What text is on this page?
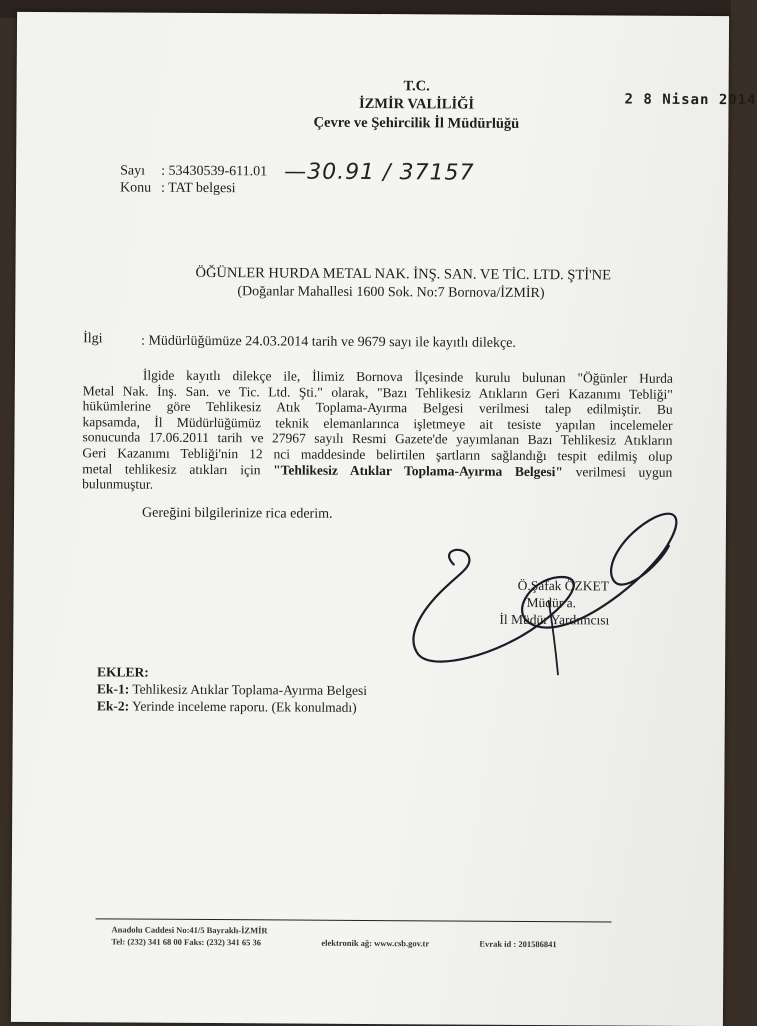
T.C.
İZMİR VALİLİĞİ
Çevre ve Şehircilik İl Müdürlüğü
2 8 Nisan 2014
Sayı : 53430539-611.01 —30.91 / 37157
Konu : TAT belgesi
ÖĞÜNLER HURDA METAL NAK. İNŞ. SAN. VE TİC. LTD. ŞTİ'NE
(Doğanlar Mahallesi 1600 Sok. No:7 Bornova/İZMİR)
İlgi	: Müdürlüğümüze 24.03.2014 tarih ve 9679 sayı ile kayıtlı dilekçe.
İlgide kayıtlı dilekçe ile, İlimiz Bornova İlçesinde kurulu bulunan "Öğünler Hurda
Metal Nak. İnş. San. ve Tic. Ltd. Şti." olarak, "Bazı Tehlikesiz Atıkların Geri Kazanımı Tebliği"
hükümlerine göre Tehlikesiz Atık Toplama-Ayırma Belgesi verilmesi talep edilmiştir. Bu
kapsamda, İl Müdürlüğümüz teknik elemanlarınca işletmeye ait tesiste yapılan incelemeler
sonucunda 17.06.2011 tarih ve 27967 sayılı Resmi Gazete'de yayımlanan Bazı Tehlikesiz Atıkların
Geri Kazanımı Tebliği'nin 12 nci maddesinde belirtilen şartların sağlandığı tespit edilmiş olup
metal tehlikesiz atıkları için "Tehlikesiz Atıklar Toplama-Ayırma Belgesi" verilmesi uygun
bulunmuştur.
Gereğini bilgilerinize rica ederim.
Ö.Şafak ÖZKET
Müdür a.
İl Müdür Yardımcısı
EKLER:
Ek-1: Tehlikesiz Atıklar Toplama-Ayırma Belgesi
Ek-2: Yerinde inceleme raporu. (Ek konulmadı)
Anadolu Caddesi No:41/5 Bayraklı-İZMİR
Tel: (232) 341 68 00 Faks: (232) 341 65 36	elektronik ağ: www.csb.gov.tr	Evrak id : 201586841
